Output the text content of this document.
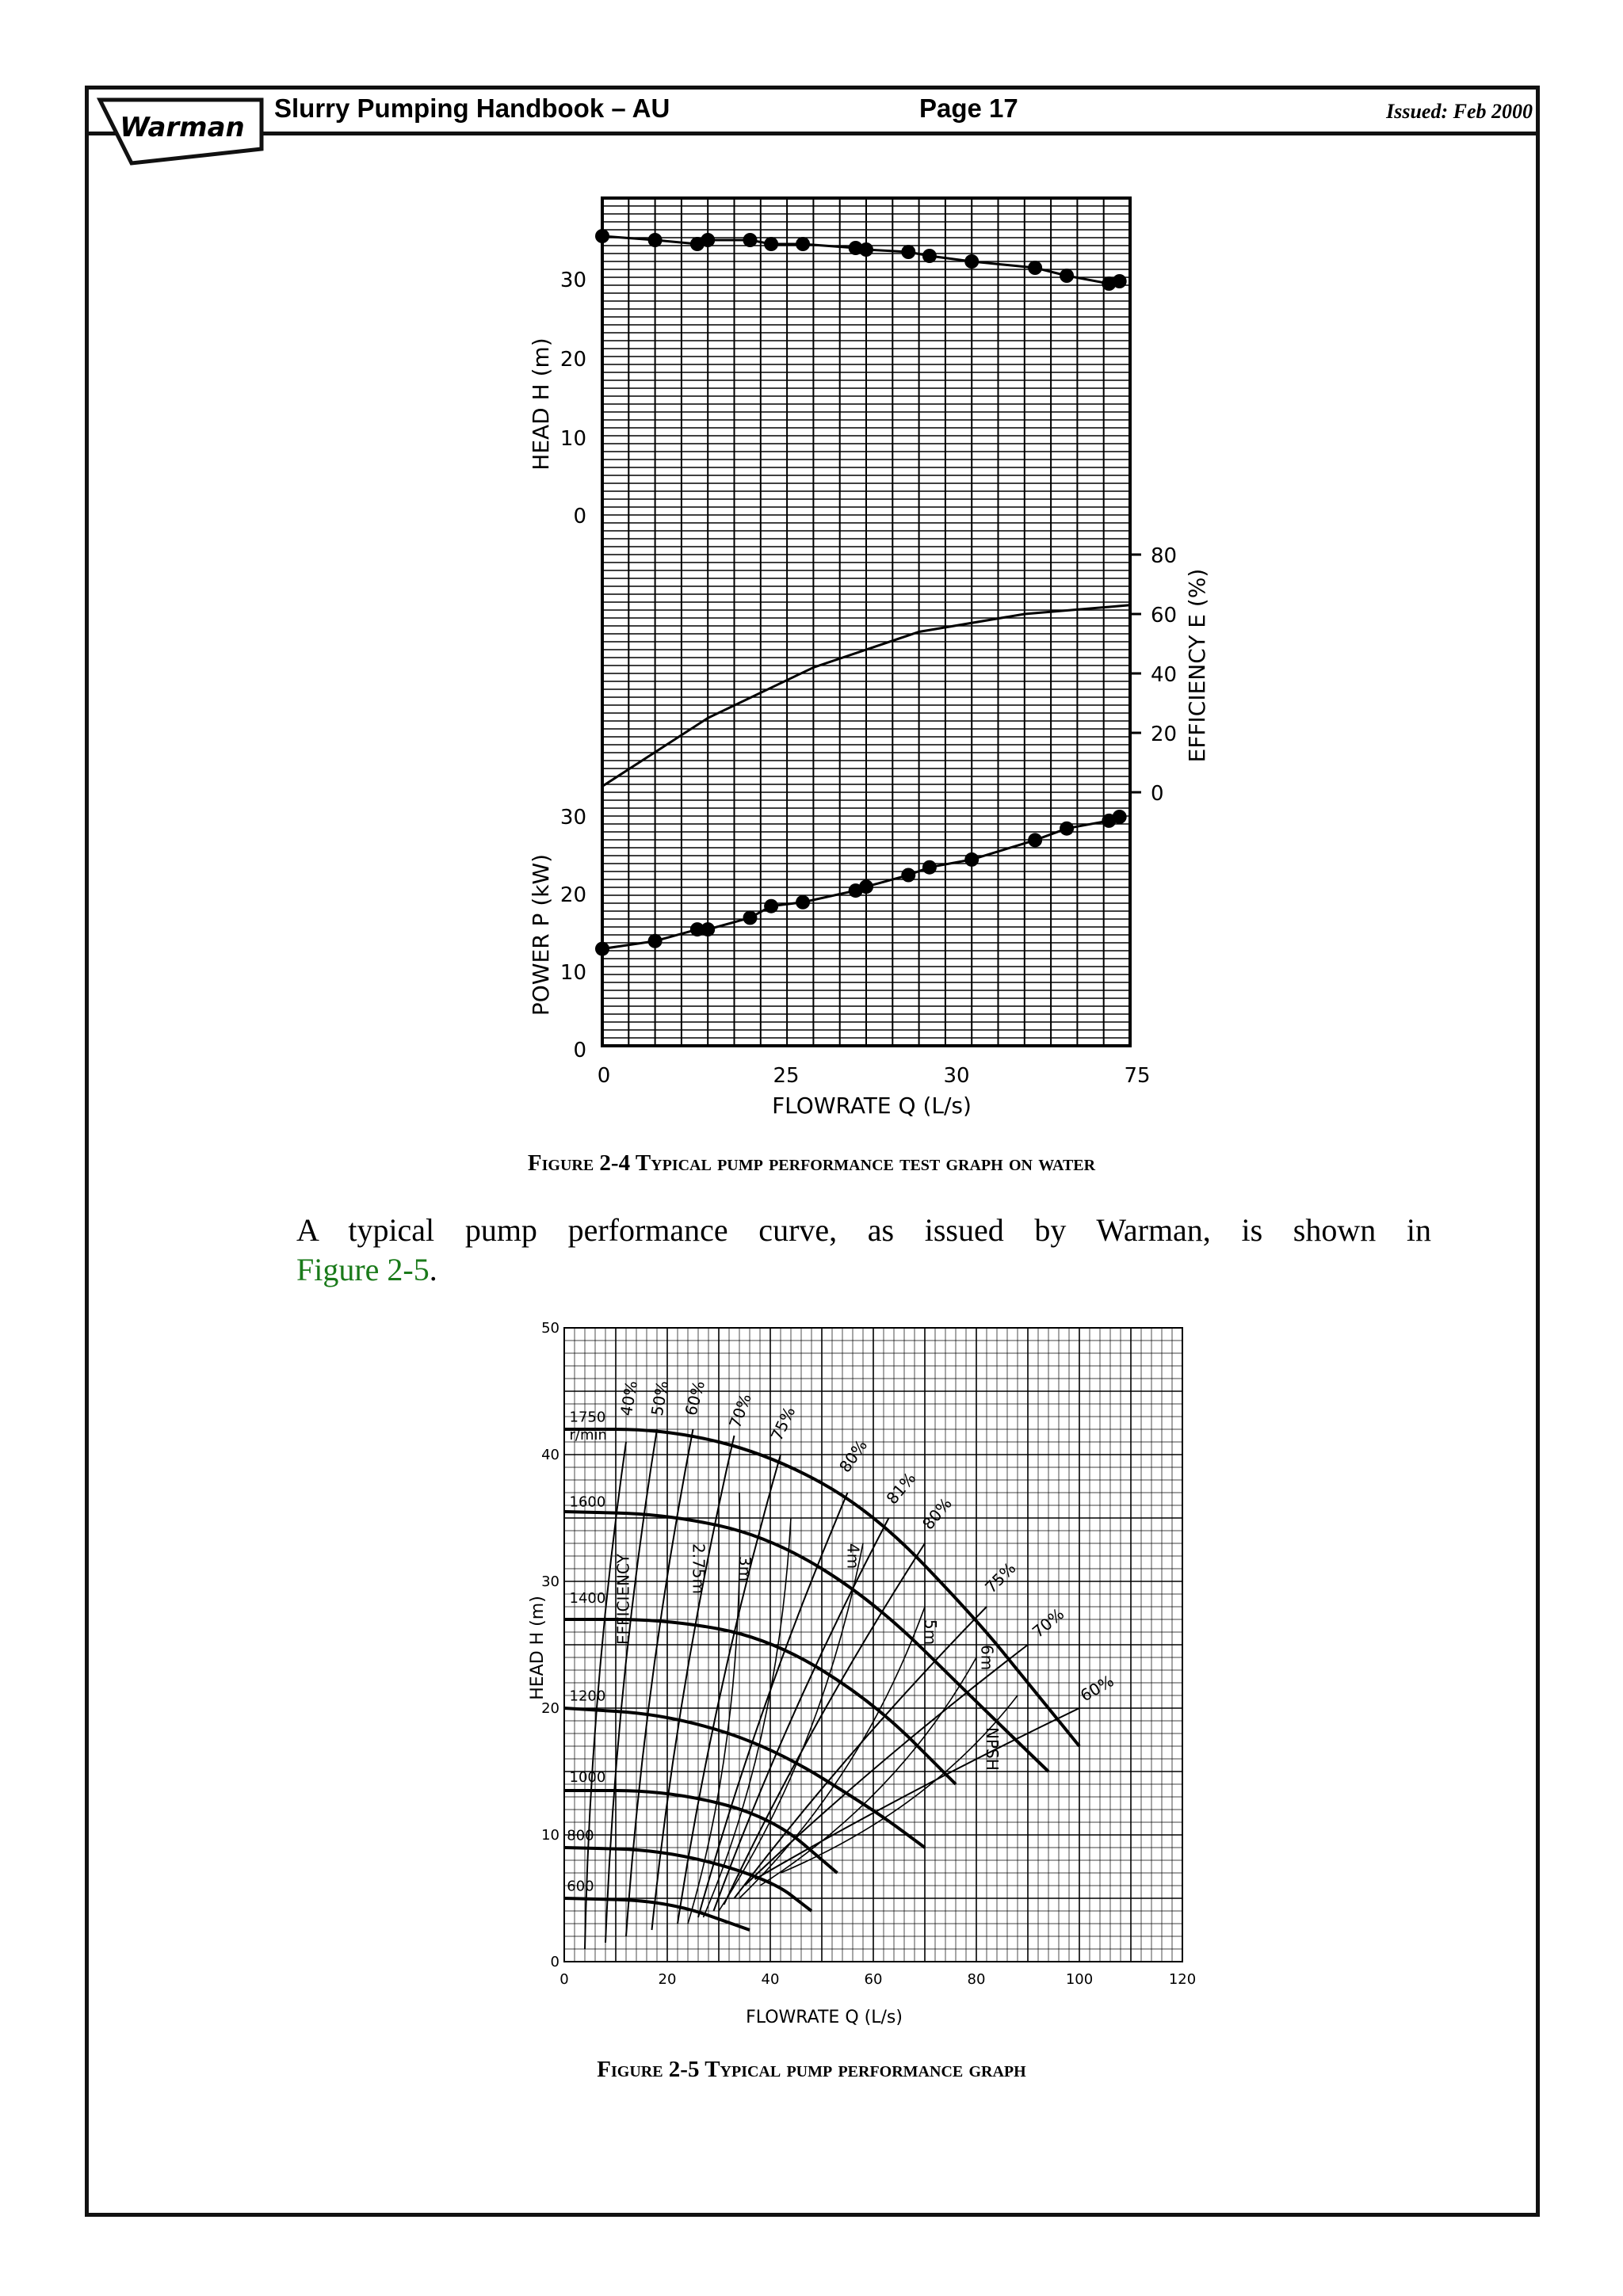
Warman
Slurry Pumping Handbook – AU	Page 17	Issued: Feb 2000
HEAD H (m)
POWER P (kW)
EFFICIENCY E (%)
FLOWRATE Q (L/s)
30
20
10
0
30
20
10
0
80
60
40
20
0
0	25	30	75
Figure 2-4 Typical pump performance test graph on water
A typical pump performance curve, as issued by Warman, is shown in
Figure 2-5.
HEAD H (m)
FLOWRATE Q (L/s)
0
10
20
30
40
50
0	20	40	60	80	100	120
1750
r/min
1600
1400
1200
1000
800
600
40% 50% 60% 70% 75%
80%
81%
80%
75%
70%
60%
2.75m 3m	4m
5m
6m
NPSH
EFFICIENCY
Figure 2-5 Typical pump performance graph
